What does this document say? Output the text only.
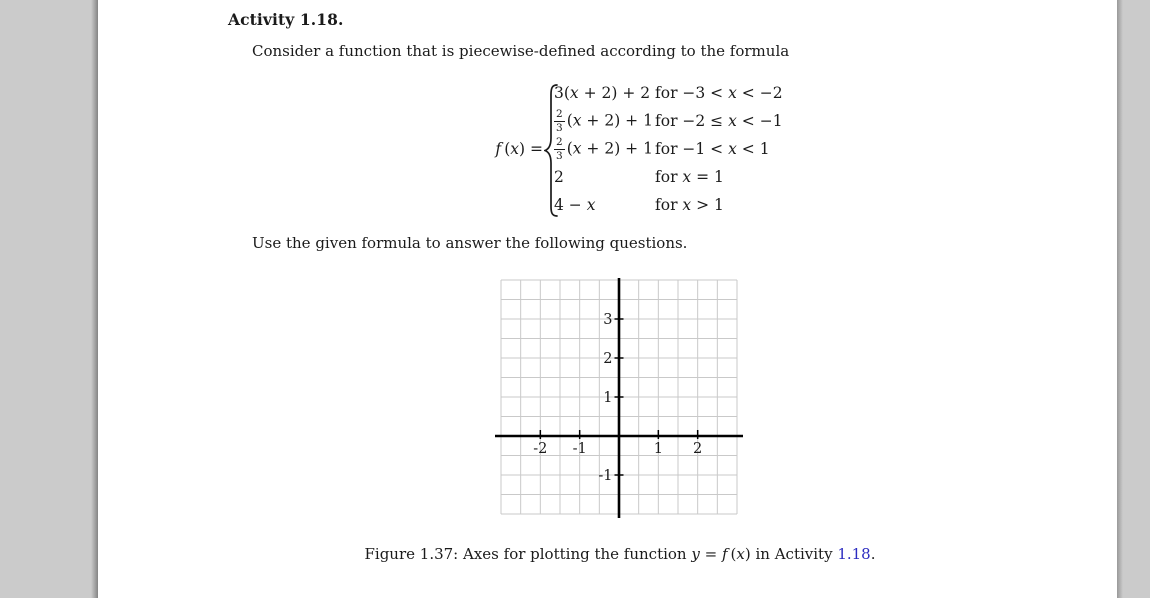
Activity 1.18.
Consider a function that is piecewise-defined according to the formula
f (x) =
3(x + 2) + 2 for −3 < x < −2
$\frac{2}{3} (x + 2) + 1$ for −2 ≤ x < −1
$\frac{2}{3} (x + 2) + 1$ for −1 < x < 1
2	for x = 1
4 − x	for x > 1
Use the given formula to answer the following questions.
-2 -1	1 2
-1
1
2
3
Figure 1.37: Axes for plotting the function y = f (x) in Activity 1.18.
